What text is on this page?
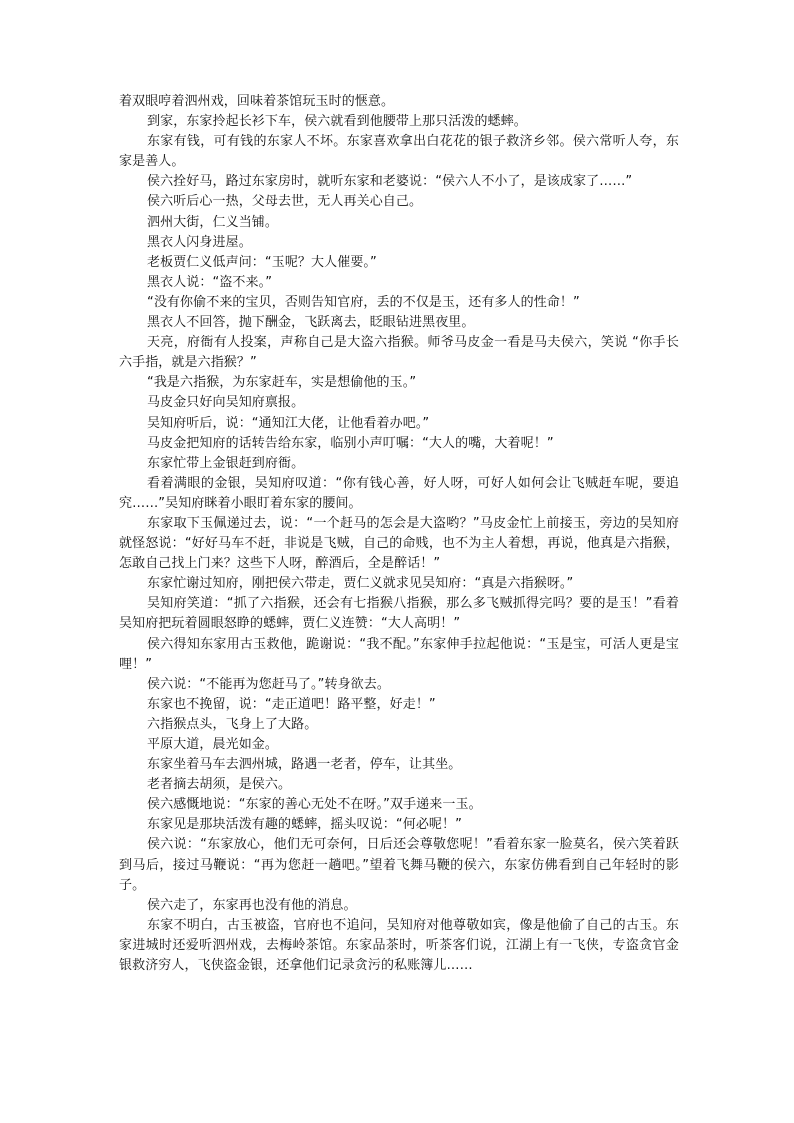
着双眼哼着泗州戏，回味着茶馆玩玉时的惬意。

到家，东家拎起长衫下车，侯六就看到他腰带上那只活泼的蟋蟀。

东家有钱，可有钱的东家人不坏。东家喜欢拿出白花花的银子救济乡邻。侯六常听人夸，东家是善人。

侯六拴好马，路过东家房时，就听东家和老婆说：“侯六人不小了，是该成家了……”

侯六听后心一热，父母去世，无人再关心自己。

泗州大街，仁义当铺。

黑衣人闪身进屋。

老板贾仁义低声问：“玉呢？大人催要。”

黑衣人说：“盗不来。”

“没有你偷不来的宝贝，否则告知官府，丢的不仅是玉，还有多人的性命！”

黑衣人不回答，抛下酬金，飞跃离去，眨眼钻进黑夜里。

天亮，府衙有人投案，声称自己是大盗六指猴。师爷马皮金一看是马夫侯六，笑说 “你手长六手指，就是六指猴？”

“我是六指猴，为东家赶车，实是想偷他的玉。”

马皮金只好向吴知府禀报。

吴知府听后，说：“通知江大佬，让他看着办吧。”

马皮金把知府的话转告给东家，临别小声叮嘱：“大人的嘴，大着呢！”

东家忙带上金银赶到府衙。

看着满眼的金银，吴知府叹道：“你有钱心善，好人呀，可好人如何会让飞贼赶车呢，要追究……”吴知府眯着小眼盯着东家的腰间。

东家取下玉佩递过去，说：“一个赶马的怎会是大盗哟？”马皮金忙上前接玉，旁边的吴知府就怪怒说：“好好马车不赶，非说是飞贼，自己的命贱，也不为主人着想，再说，他真是六指猴，怎敢自己找上门来？这些下人呀，醉酒后，全是醉话！”

东家忙谢过知府，刚把侯六带走，贾仁义就求见吴知府：“真是六指猴呀。”

吴知府笑道：“抓了六指猴，还会有七指猴八指猴，那么多飞贼抓得完吗？要的是玉！”看着吴知府把玩着圆眼怒睁的蟋蟀，贾仁义连赞：“大人高明！”

侯六得知东家用古玉救他，跪谢说：“我不配。”东家伸手拉起他说：“玉是宝，可活人更是宝哩！”

侯六说：“不能再为您赶马了。”转身欲去。

东家也不挽留，说：“走正道吧！路平整，好走！”

六指猴点头，飞身上了大路。

平原大道，晨光如金。

东家坐着马车去泗州城，路遇一老者，停车，让其坐。

老者摘去胡须，是侯六。

侯六感慨地说：“东家的善心无处不在呀。”双手递来一玉。

东家见是那块活泼有趣的蟋蟀，摇头叹说：“何必呢！”

侯六说：“东家放心，他们无可奈何，日后还会尊敬您呢！”看着东家一脸莫名，侯六笑着跃到马后，接过马鞭说：“再为您赶一趟吧。”望着飞舞马鞭的侯六，东家仿佛看到自己年轻时的影子。

侯六走了，东家再也没有他的消息。

东家不明白，古玉被盗，官府也不追问，吴知府对他尊敬如宾，像是他偷了自己的古玉。东家进城时还爱听泗州戏，去梅岭茶馆。东家品茶时，听茶客们说，江湖上有一飞侠，专盗贪官金银救济穷人，飞侠盗金银，还拿他们记录贪污的私账簿儿……
